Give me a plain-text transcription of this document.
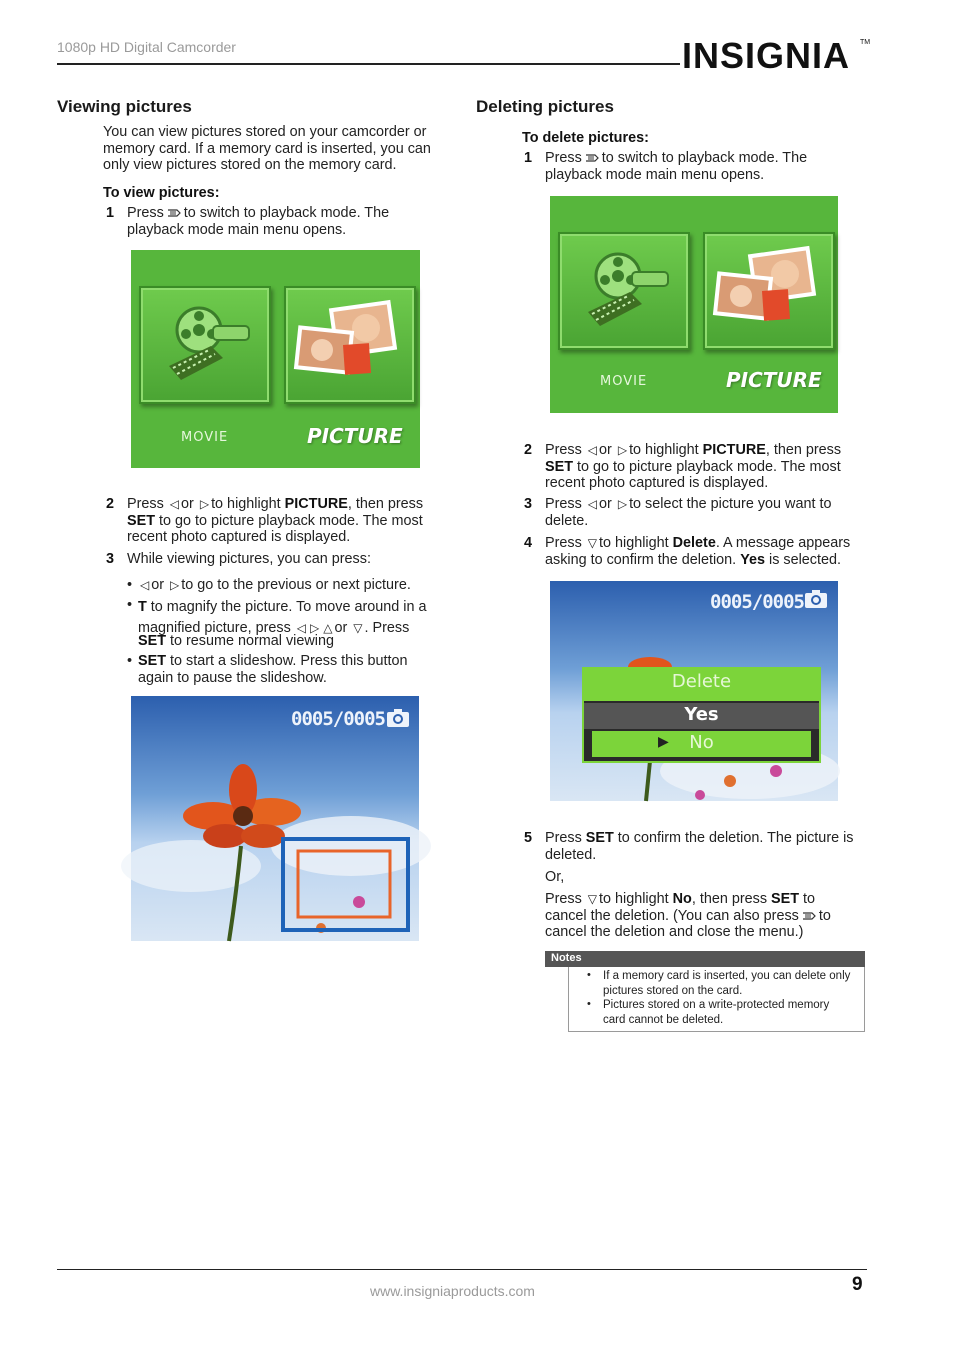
1080p HD Digital Camcorder	INSIGNIA TM
Viewing pictures
You can view pictures stored on your camcorder or
memory card. If a memory card is inserted, you can
only view pictures stored on the memory card.
To view pictures:
1 Press to switch to playback mode. The
playback mode main menu opens.
MOVIE	PICTURE
2 Press ◁ or ▷ to highlight PICTURE, then press
SET to go to picture playback mode. The most
recent photo captured is displayed.
3 While viewing pictures, you can press:
• ◁ or ▷ to go to the previous or next picture.
• T to magnify the picture. To move around in a
magnified picture, press ◁ ▷ △ or ▽ . Press
SET to resume normal viewing
• SET to start a slideshow. Press this button
again to pause the slideshow.
0005/0005
Deleting pictures
To delete pictures:
1 Press to switch to playback mode. The
playback mode main menu opens.
MOVIE	PICTURE
2 Press ◁ or ▷ to highlight PICTURE, then press
SET to go to picture playback mode. The most
recent photo captured is displayed.
3 Press ◁ or ▷ to select the picture you want to
delete.
4 Press ▽ to highlight Delete. A message appears
asking to confirm the deletion. Yes is selected.
0005/0005
Delete
Yes
▶	No
5 Press SET to confirm the deletion. The picture is
deleted.
Or,
Press ▽ to highlight No, then press SET to
cancel the deletion. (You can also press to
cancel the deletion and close the menu.)
Notes
• If a memory card is inserted, you can delete only
pictures stored on the card.
• Pictures stored on a write-protected memory
card cannot be deleted.
www.insigniaproducts.com	9
